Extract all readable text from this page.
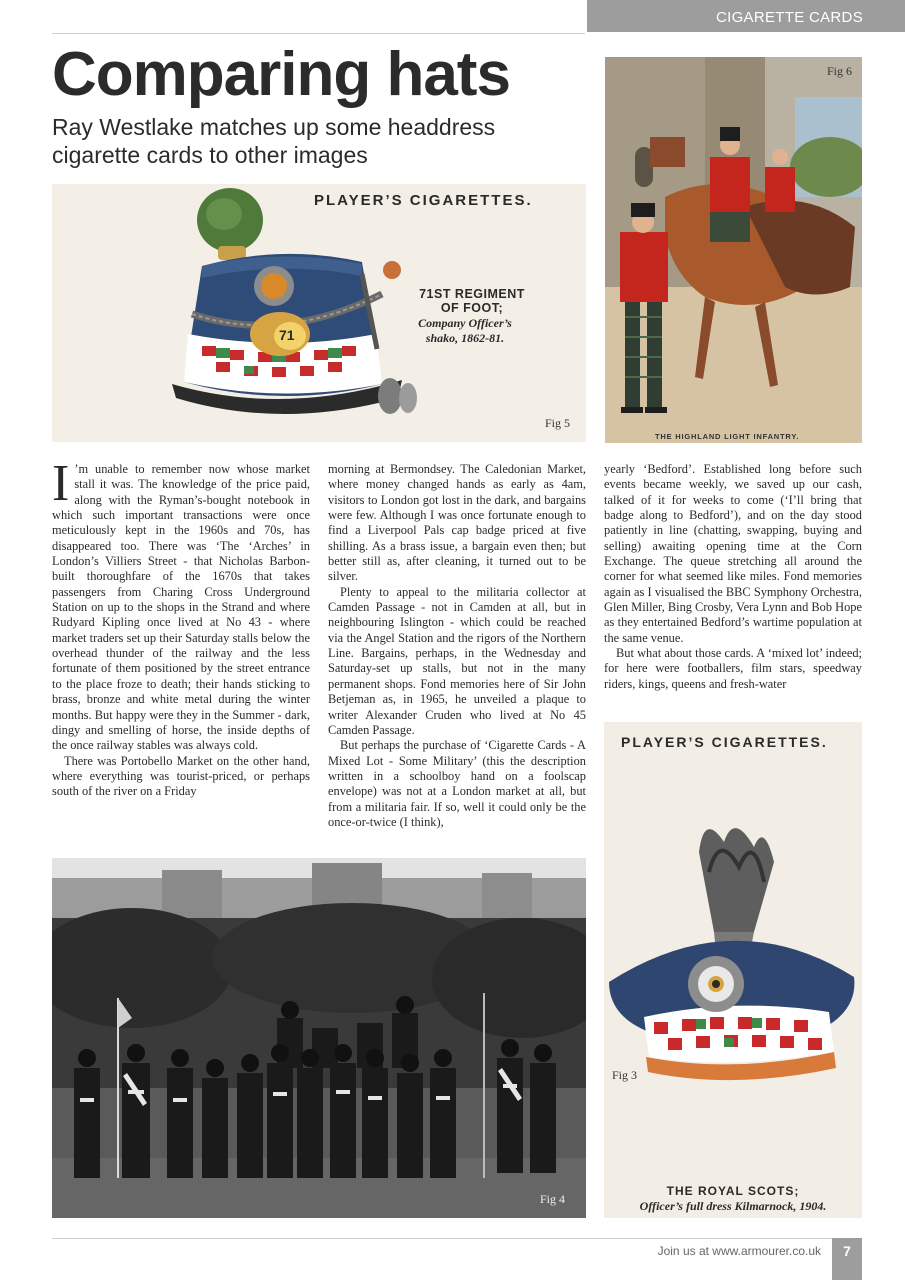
CIGARETTE CARDS
Comparing hats
Ray Westlake matches up some headdress cigarette cards to other images
PLAYER’S CIGARETTES.
71
71ST REGIMENT
OF FOOT;
Company Officer’s
shako, 1862-81.
Fig 5
Fig 6
THE HIGHLAND LIGHT INFANTRY.

I ’m unable to remember now whose market stall it was. The knowledge of the price paid, along with the Ryman’s-bought notebook in which such important transactions were once meticulously kept in the 1960s and 70s, has disappeared too. There was ‘The ‘Arches’ in London’s Villiers Street - that Nicholas Barbon-built thoroughfare of the 1670s that takes passengers from Charing Cross Underground Station on up to the shops in the Strand and where Rudyard Kipling once lived at No 43 - where market traders set up their Saturday stalls below the overhead thunder of the railway and the less fortunate of them positioned by the street entrance to the place froze to death; their hands sticking to brass, bronze and white metal during the winter months. But happy were they in the Summer - dark, dingy and smelling of horse, the inside depths of the once railway stables was always cold.

There was Portobello Market on the other hand, where everything was tourist-priced, or perhaps south of the river on a Friday

morning at Bermondsey. The Caledonian Market, where money changed hands as early as 4am, visitors to London got lost in the dark, and bargains were few. Although I was once fortunate enough to find a Liverpool Pals cap badge priced at five shilling. As a brass issue, a bargain even then; but better still as, after cleaning, it turned out to be silver.

Plenty to appeal to the militaria collector at Camden Passage - not in Camden at all, but in neighbouring Islington - which could be reached via the Angel Station and the rigors of the Northern Line. Bargains, perhaps, in the Wednesday and Saturday-set up stalls, but not in the many permanent shops. Fond memories here of Sir John Betjeman as, in 1965, he unveiled a plaque to writer Alexander Cruden who lived at No 45 Camden Passage.

But perhaps the purchase of ‘Cigarette Cards - A Mixed Lot - Some Military’ (this the description written in a schoolboy hand on a foolscap envelope) was not at a London market at all, but from a militaria fair. If so, well it could only be the once-or-twice (I think),

yearly ‘Bedford’. Established long before such events became weekly, we saved up our cash, talked of it for weeks to come (‘I’ll bring that badge along to Bedford’), and on the day stood patiently in line (chatting, swapping, buying and selling) awaiting opening time at the Corn Exchange. The queue stretching all around the corner for what seemed like miles. Fond memories again as I visualised the BBC Symphony Orchestra, Glen Miller, Bing Crosby, Vera Lynn and Bob Hope as they entertained Bedford’s wartime population at the same venue.

But what about those cards. A ‘mixed lot’ indeed; for here were footballers, film stars, speedway riders, kings, queens and fresh-water

Fig 4
PLAYER’S CIGARETTES.
Fig 3
THE ROYAL SCOTS;
Officer’s full dress Kilmarnock, 1904.
Join us at www.armourer.co.uk	7
